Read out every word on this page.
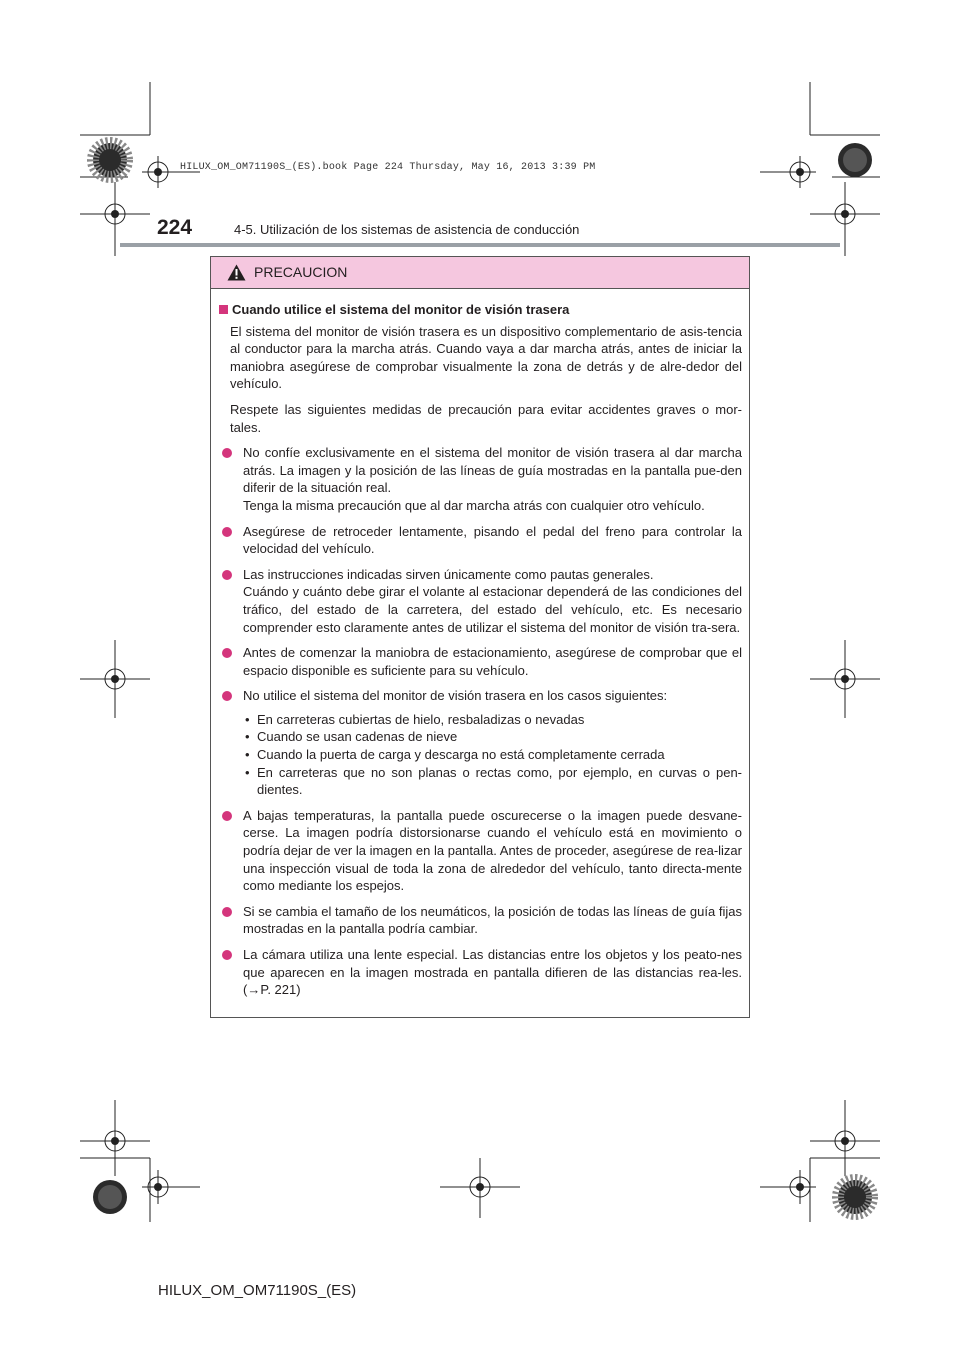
HILUX_OM_OM71190S_(ES).book Page 224 Thursday, May 16, 2013 3:39 PM
224	4-5. Utilización de los sistemas de asistencia de conducción
PRECAUCION
Cuando utilice el sistema del monitor de visión trasera
El sistema del monitor de visión trasera es un dispositivo complementario de asis-tencia al conductor para la marcha atrás. Cuando vaya a dar marcha atrás, antes de iniciar la maniobra asegúrese de comprobar visualmente la zona de detrás y de alre-dedor del vehículo.
Respete las siguientes medidas de precaución para evitar accidentes graves o mor-tales.

No confíe exclusivamente en el sistema del monitor de visión trasera al dar marcha atrás. La imagen y la posición de las líneas de guía mostradas en la pantalla pue-den diferir de la situación real.

Tenga la misma precaución que al dar marcha atrás con cualquier otro vehículo.

Asegúrese de retroceder lentamente, pisando el pedal del freno para controlar la velocidad del vehículo.

Las instrucciones indicadas sirven únicamente como pautas generales.

Cuándo y cuánto debe girar el volante al estacionar dependerá de las condiciones del tráfico, del estado de la carretera, del estado del vehículo, etc. Es necesario comprender esto claramente antes de utilizar el sistema del monitor de visión tra-sera.

Antes de comenzar la maniobra de estacionamiento, asegúrese de comprobar que el espacio disponible es suficiente para su vehículo.

No utilice el sistema del monitor de visión trasera en los casos siguientes:

• En carreteras cubiertas de hielo, resbaladizas o nevadas
• Cuando se usan cadenas de nieve
• Cuando la puerta de carga y descarga no está completamente cerrada
• En carreteras que no son planas o rectas como, por ejemplo, en curvas o pen-dientes.

A bajas temperaturas, la pantalla puede oscurecerse o la imagen puede desvane-cerse. La imagen podría distorsionarse cuando el vehículo está en movimiento o podría dejar de ver la imagen en la pantalla. Antes de proceder, asegúrese de rea-lizar una inspección visual de toda la zona de alrededor del vehículo, tanto directa-mente como mediante los espejos.

Si se cambia el tamaño de los neumáticos, la posición de todas las líneas de guía fijas mostradas en la pantalla podría cambiar.

La cámara utiliza una lente especial. Las distancias entre los objetos y los peato-nes que aparecen en la imagen mostrada en pantalla difieren de las distancias rea-les. (→P. 221)

HILUX_OM_OM71190S_(ES)
